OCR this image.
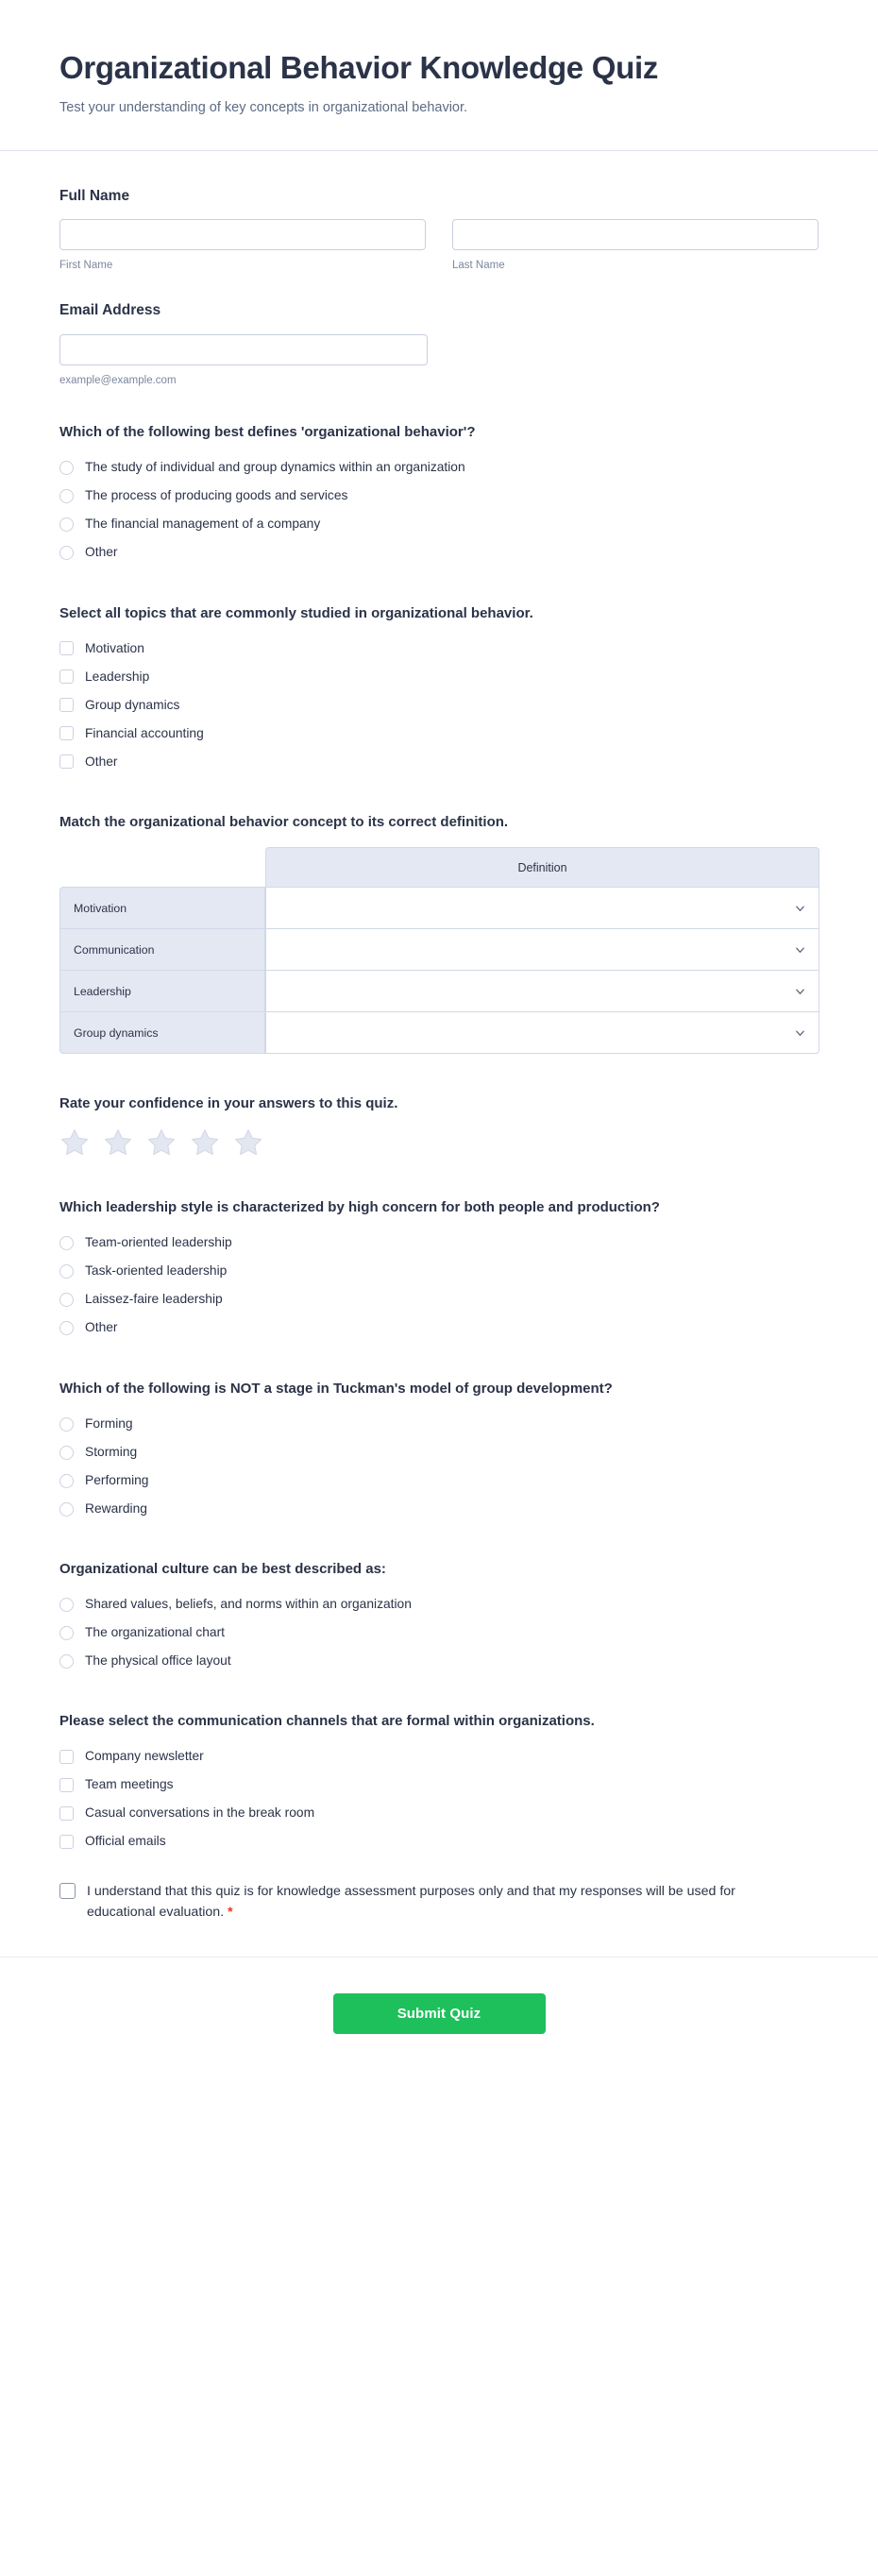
Organizational Behavior Knowledge Quiz

Test your understanding of key concepts in organizational behavior.

Full Name
First Name	Last Name
Email Address
example@example.com
Which of the following best defines 'organizational behavior'?
The study of individual and group dynamics within an organization
The process of producing goods and services
The financial management of a company
Other
Select all topics that are commonly studied in organizational behavior.
Motivation
Leadership
Group dynamics
Financial accounting
Other
Match the organizational behavior concept to its correct definition.
	Definition
Motivation	

Communication	

Leadership	

Group dynamics	
Rate your confidence in your answers to this quiz.
Which leadership style is characterized by high concern for both people and production?
Team-oriented leadership
Task-oriented leadership
Laissez-faire leadership
Other
Which of the following is NOT a stage in Tuckman's model of group development?
Forming
Storming
Performing
Rewarding
Organizational culture can be best described as:
Shared values, beliefs, and norms within an organization
The organizational chart
The physical office layout
Please select the communication channels that are formal within organizations.
Company newsletter
Team meetings
Casual conversations in the break room
Official emails
I understand that this quiz is for knowledge assessment purposes only and that my responses will be used for educational evaluation. *
Submit Quiz
